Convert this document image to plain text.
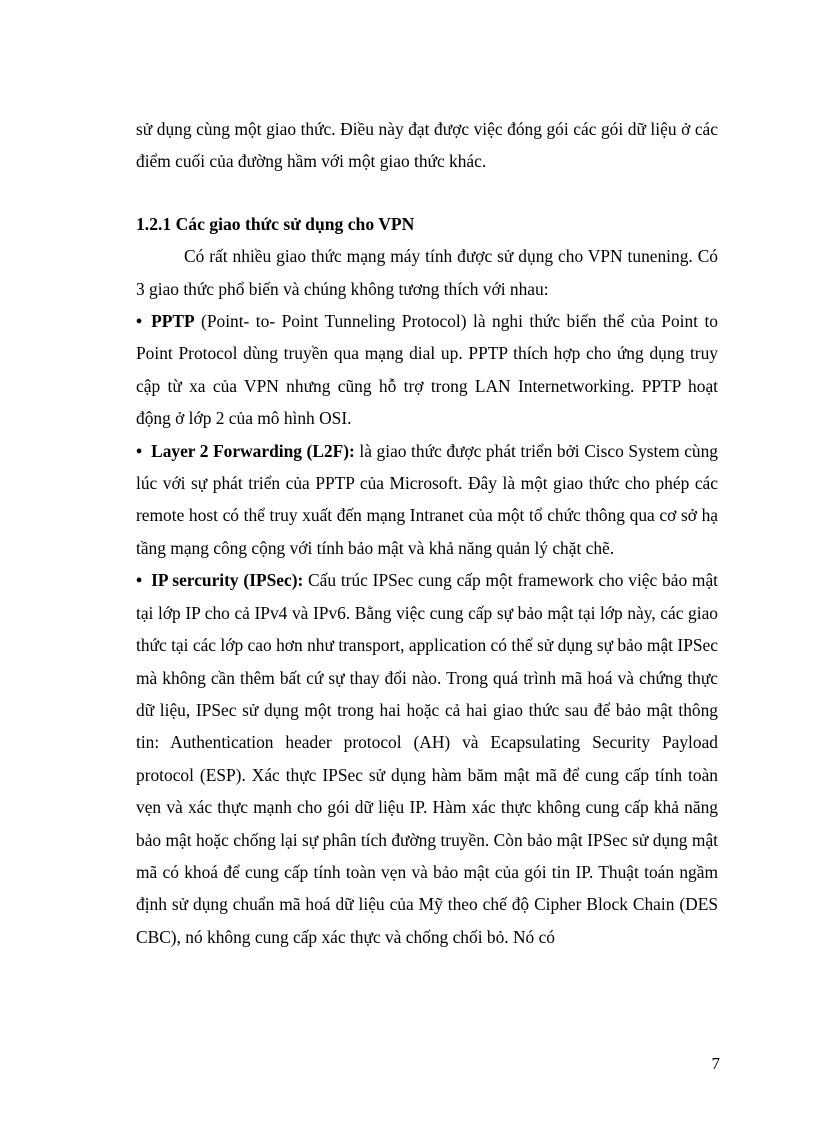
sử dụng cùng một giao thức. Điều này đạt được việc đóng gói các gói dữ liệu ở các điểm cuối của đường hầm với một giao thức khác.

1.2.1 Các giao thức sử dụng cho VPN

Có rất nhiều giao thức mạng máy tính được sử dụng cho VPN tunening. Có 3 giao thức phổ biến và chúng không tương thích với nhau:

• PPTP (Point- to- Point Tunneling Protocol) là nghi thức biến thể của Point to Point Protocol dùng truyền qua mạng dial up. PPTP thích hợp cho ứng dụng truy cập từ xa của VPN nhưng cũng hỗ trợ trong LAN Internetworking. PPTP hoạt động ở lớp 2 của mô hình OSI.

• Layer 2 Forwarding (L2F): là giao thức được phát triển bởi Cisco System cùng lúc với sự phát triển của PPTP của Microsoft. Đây là một giao thức cho phép các remote host có thể truy xuất đến mạng Intranet của một tổ chức thông qua cơ sở hạ tầng mạng công cộng với tính bảo mật và khả năng quản lý chặt chẽ.

• IP sercurity (IPSec): Cấu trúc IPSec cung cấp một framework cho việc bảo mật tại lớp IP cho cả IPv4 và IPv6. Bằng việc cung cấp sự bảo mật tại lớp này, các giao thức tại các lớp cao hơn như transport, application có thể sử dụng sự bảo mật IPSec mà không cần thêm bất cứ sự thay đổi nào. Trong quá trình mã hoá và chứng thực dữ liệu, IPSec sử dụng một trong hai hoặc cả hai giao thức sau để bảo mật thông tin: Authentication header protocol (AH) và Ecapsulating Security Payload protocol (ESP). Xác thực IPSec sử dụng hàm băm mật mã để cung cấp tính toàn vẹn và xác thực mạnh cho gói dữ liệu IP. Hàm xác thực không cung cấp khả năng bảo mật hoặc chống lại sự phân tích đường truyền. Còn bảo mật IPSec sử dụng mật mã có khoá để cung cấp tính toàn vẹn và bảo mật của gói tin IP. Thuật toán ngầm định sử dụng chuẩn mã hoá dữ liệu của Mỹ theo chế độ Cipher Block Chain (DES CBC), nó không cung cấp xác thực và chống chối bỏ. Nó có

7
